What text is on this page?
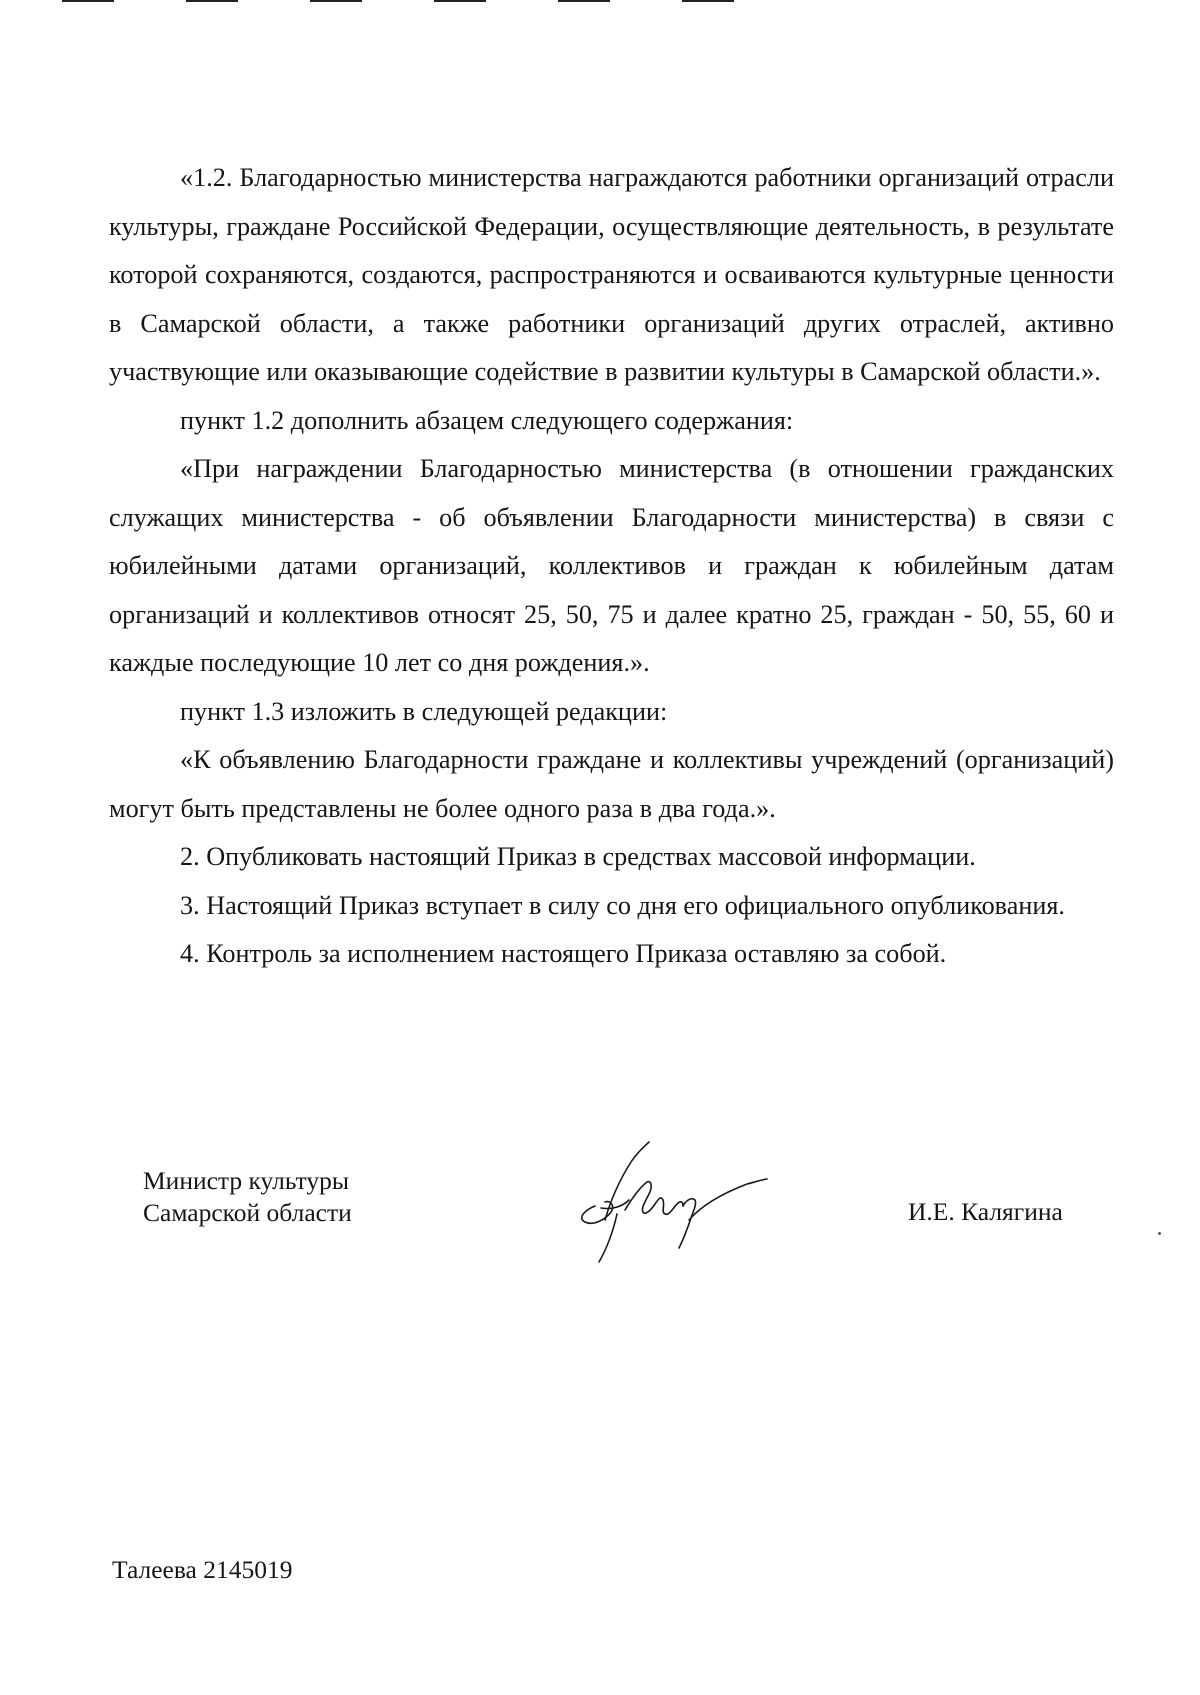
«1.2. Благодарностью министерства награждаются работники организаций отрасли культуры, граждане Российской Федерации, осуществляющие деятельность, в результате которой сохраняются, создаются, распространяются и осваиваются культурные ценности в Самарской области, а также работники организаций других отраслей, активно участвующие или оказывающие содействие в развитии культуры в Самарской области.».

пункт 1.2 дополнить абзацем следующего содержания:

«При награждении Благодарностью министерства (в отношении гражданских служащих министерства - об объявлении Благодарности министерства) в связи с юбилейными датами организаций, коллективов и граждан к юбилейным датам организаций и коллективов относят 25, 50, 75 и далее кратно 25, граждан - 50, 55, 60 и каждые последующие 10 лет со дня рождения.».

пункт 1.3 изложить в следующей редакции:

«К объявлению Благодарности граждане и коллективы учреждений (организаций) могут быть представлены не более одного раза в два года.».

2. Опубликовать настоящий Приказ в средствах массовой информации.

3. Настоящий Приказ вступает в силу со дня его официального опубликования.

4. Контроль за исполнением настоящего Приказа оставляю за собой.

Министр культуры
Самарской области	И.Е. Калягина
Талеева 2145019
